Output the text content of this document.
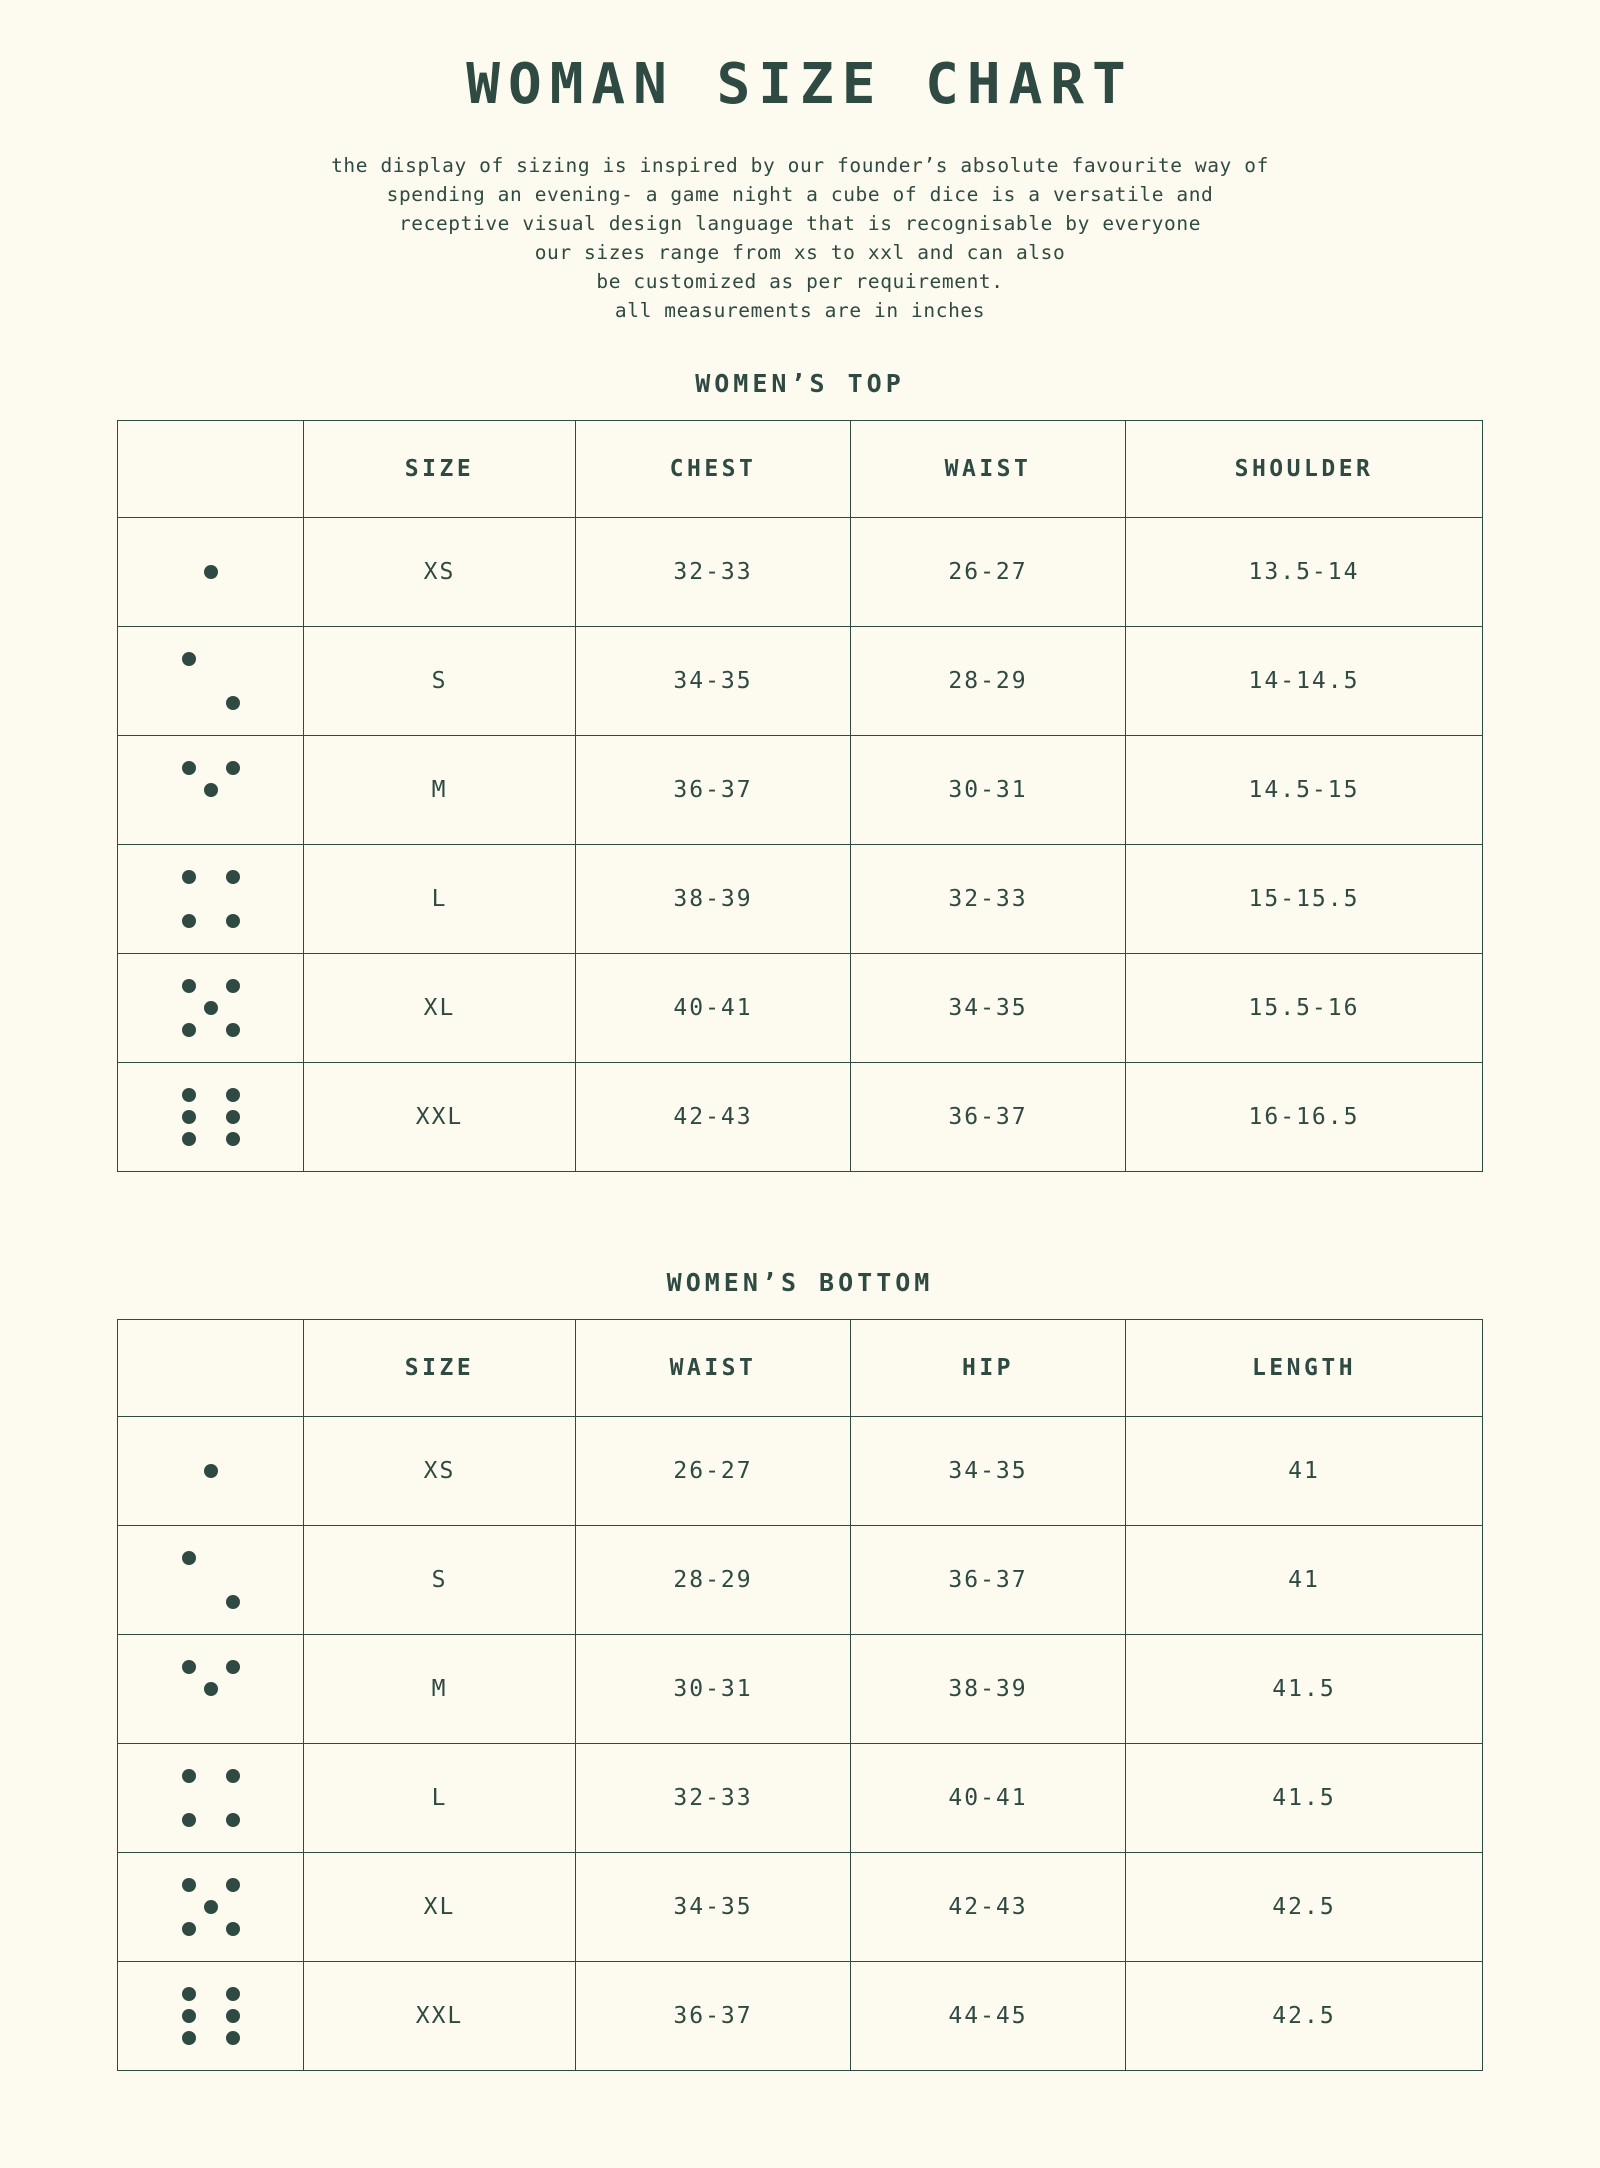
WOMAN SIZE CHART
the display of sizing is inspired by our founder’s absolute favourite way of
spending an evening- a game night a cube of dice is a versatile and
receptive visual design language that is recognisable by everyone
our sizes range from xs to xxl and can also
be customized as per requirement.
all measurements are in inches
WOMEN’S TOP
	SIZE	CHEST	WAIST	SHOULDER

	XS	32-33	26-27	13.5-14

	S	34-35	28-29	14-14.5

	M	36-37	30-31	14.5-15

	L	38-39	32-33	15-15.5

	XL	40-41	34-35	15.5-16

	XXL	42-43	36-37	16-16.5
WOMEN’S BOTTOM
	SIZE	WAIST	HIP	LENGTH

	XS	26-27	34-35	41

	S	28-29	36-37	41

	M	30-31	38-39	41.5

	L	32-33	40-41	41.5

	XL	34-35	42-43	42.5

	XXL	36-37	44-45	42.5
